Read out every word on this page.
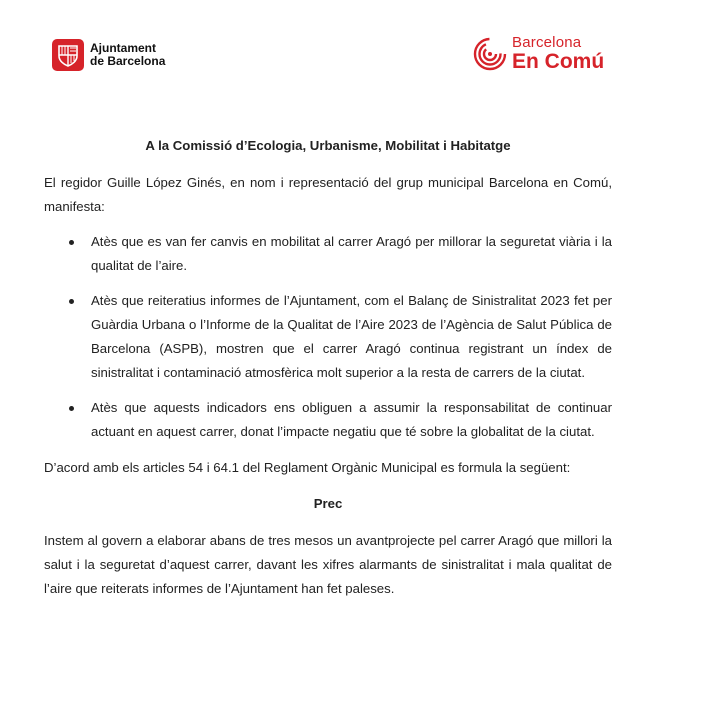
Ajuntament
de Barcelona
Barcelona
En Comú

A la Comissió d’Ecologia, Urbanisme, Mobilitat i Habitatge

El regidor Guille López Ginés, en nom i representació del grup municipal Barcelona en Comú, manifesta:

Atès que es van fer canvis en mobilitat al carrer Aragó per millorar la seguretat viària i la qualitat de l’aire.
Atès que reiteratius informes de l’Ajuntament, com el Balanç de Sinistralitat 2023 fet per Guàrdia Urbana o l’Informe de la Qualitat de l’Aire 2023 de l’Agència de Salut Pública de Barcelona (ASPB), mostren que el carrer Aragó continua registrant un índex de sinistralitat i contaminació atmosfèrica molt superior a la resta de carrers de la ciutat.
Atès que aquests indicadors ens obliguen a assumir la responsabilitat de continuar actuant en aquest carrer, donat l’impacte negatiu que té sobre la globalitat de la ciutat.

D’acord amb els articles 54 i 64.1 del Reglament Orgànic Municipal es formula la següent:

Prec

Instem al govern a elaborar abans de tres mesos un avantprojecte pel carrer Aragó que millori la salut i la seguretat d’aquest carrer, davant les xifres alarmants de sinistralitat i mala qualitat de l’aire que reiterats informes de l’Ajuntament han fet paleses.
